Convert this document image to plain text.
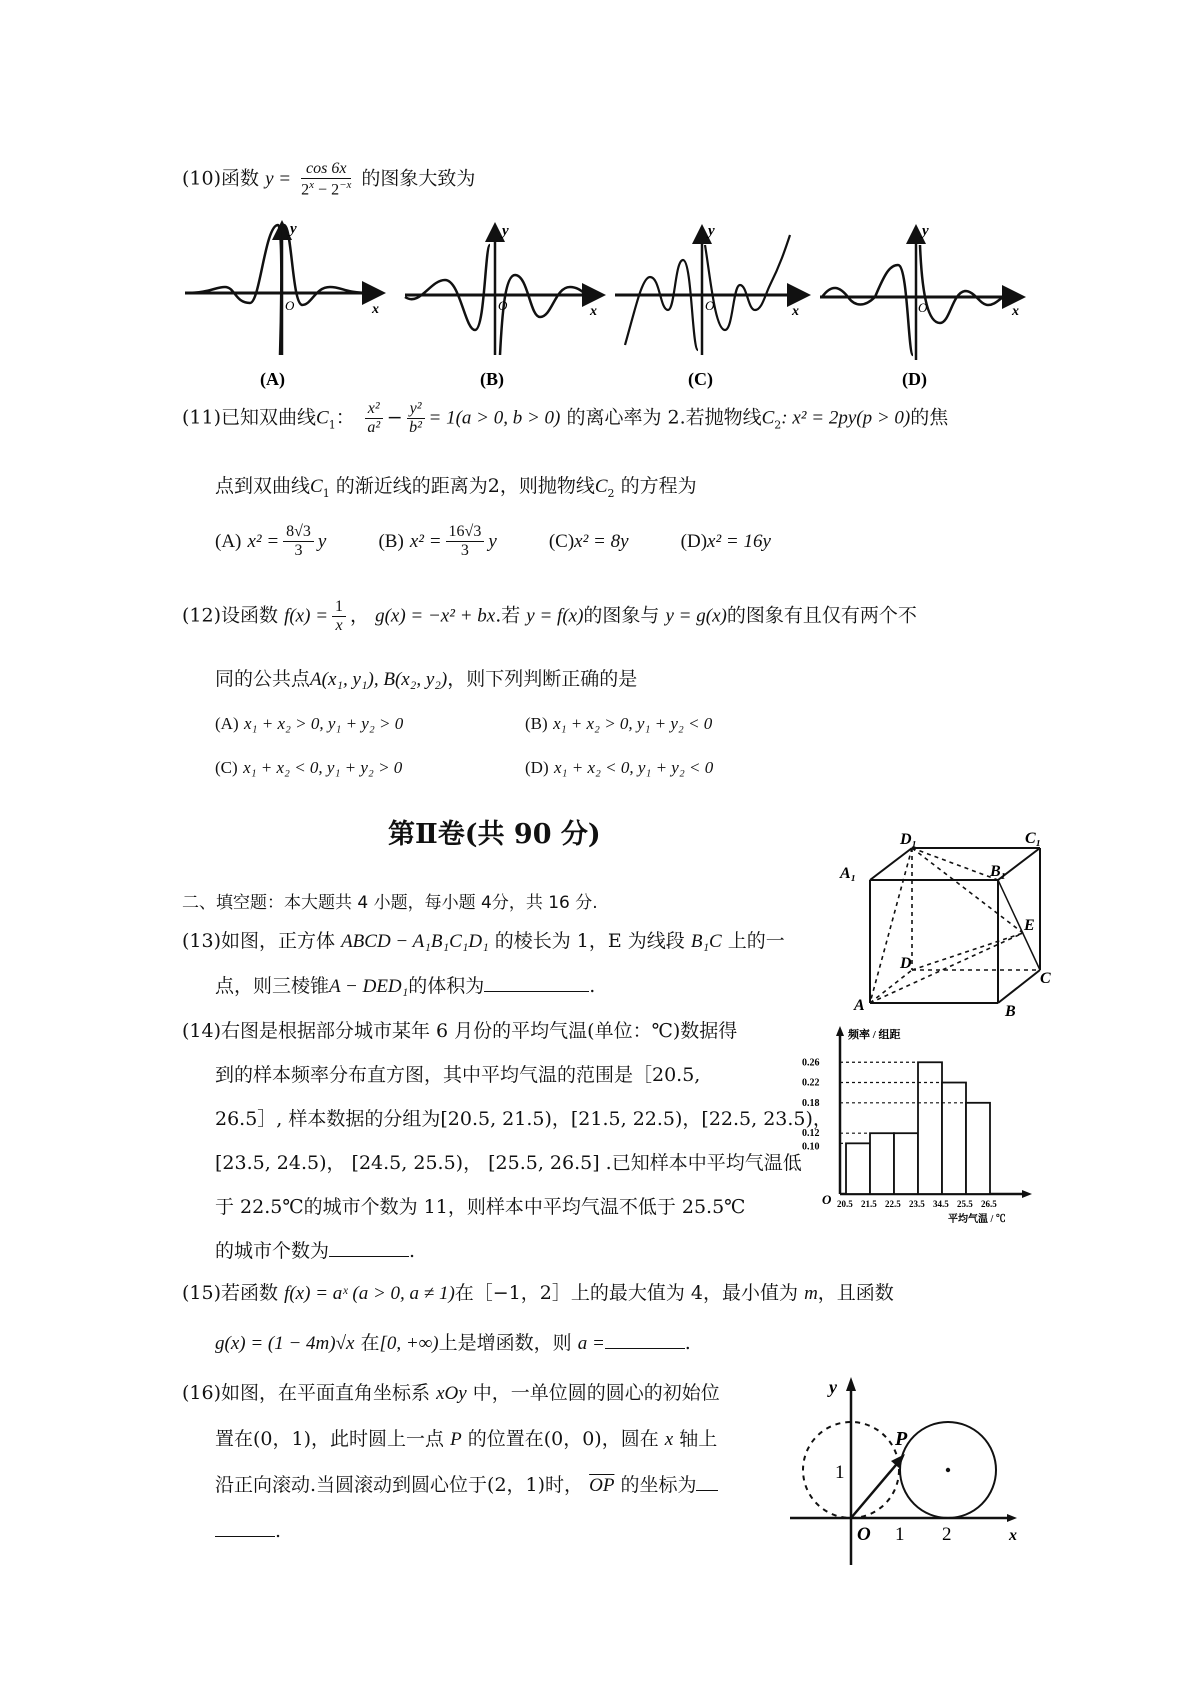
(10)函数 $y = \frac{\cos 6x}{2^x - 2^{-x}}$ 的图象大致为
y
x
O
(A)
y
x
O
(B)
y
x
O
(C)
y
x
O
(D)
(11)已知双曲线$C_1$： $\frac{\text{x²}}{\text{a²}} - \frac{\text{y²}}{\text{b²}} = 1(a > 0$, b > 0) 的离心率为 2.若抛物线$C_2$: x² = 2py(p > 0)的焦
点到双曲线$C_1$ 的渐近线的距离为2，则抛物线$C_2$ 的方程为
(A) $x^2 = \frac{8√3}{3}$ y	(B) $x^2 = \frac{16√3}{3}$ y	(C)x² = 8y	(D)x² = 16y
(12)设函数 $f(x) = \frac{1}{x}$ ， g(x) = −x² + bx.若 y = f(x)的图象与 y = g(x)的图象有且仅有两个不
同的公共点A(x₁, y₁), B(x₂, y₂)，则下列判断正确的是
(A) x₁ + x₂ > 0, y₁ + y₂ > 0	(B) x₁ + x₂ > 0, y₁ + y₂ < 0
(C) x₁ + x₂ < 0, y₁ + y₂ > 0	(D) x₁ + x₂ < 0, y₁ + y₂ < 0
第Ⅱ卷(共 90 分)
二、填空题：本大题共 4 小题，每小题 4分，共 16 分.
D₁
A₁	B₁
C₁
E
D
C
A	B
(13)如图，正方体 ABCD − A₁B₁C₁D₁ 的棱长为 1，E 为线段 B₁C 上的一
点，则三棱锥A − DED₁的体积为	.
(14)右图是根据部分城市某年 6 月份的平均气温(单位：℃)数据得
到的样本频率分布直方图，其中平均气温的范围是［20.5,
26.5］, 样本数据的分组为[20.5, 21.5)，[21.5, 22.5)，[22.5, 23.5)，
[23.5, 24.5)， [24.5, 25.5)， [25.5, 26.5] .已知样本中平均气温低
于 22.5℃的城市个数为 11，则样本中平均气温不低于 25.5℃
的城市个数为	.
频率 / 组距
平均气温 / ℃
O
0.26
0.22
0.18
0.12
0.10
20.5 21.5 22.5 23.5 34.5 25.5 26.5
(15)若函数 f(x) = aˣ (a > 0, a ≠ 1)在［−1，2］上的最大值为 4，最小值为 m，且函数
g(x) = (1 − 4m)√x 在[0, +∞)上是增函数，则 a =	.
(16)如图，在平面直角坐标系 xOy 中，一单位圆的圆心的初始位
置在(0，1)，此时圆上一点 P 的位置在(0，0)，圆在 x 轴上
沿正向滚动.当圆滚动到圆心位于(2，1)时， $\overline{OP}$ 的坐标为
.
y
x
P
O
1
1 2
